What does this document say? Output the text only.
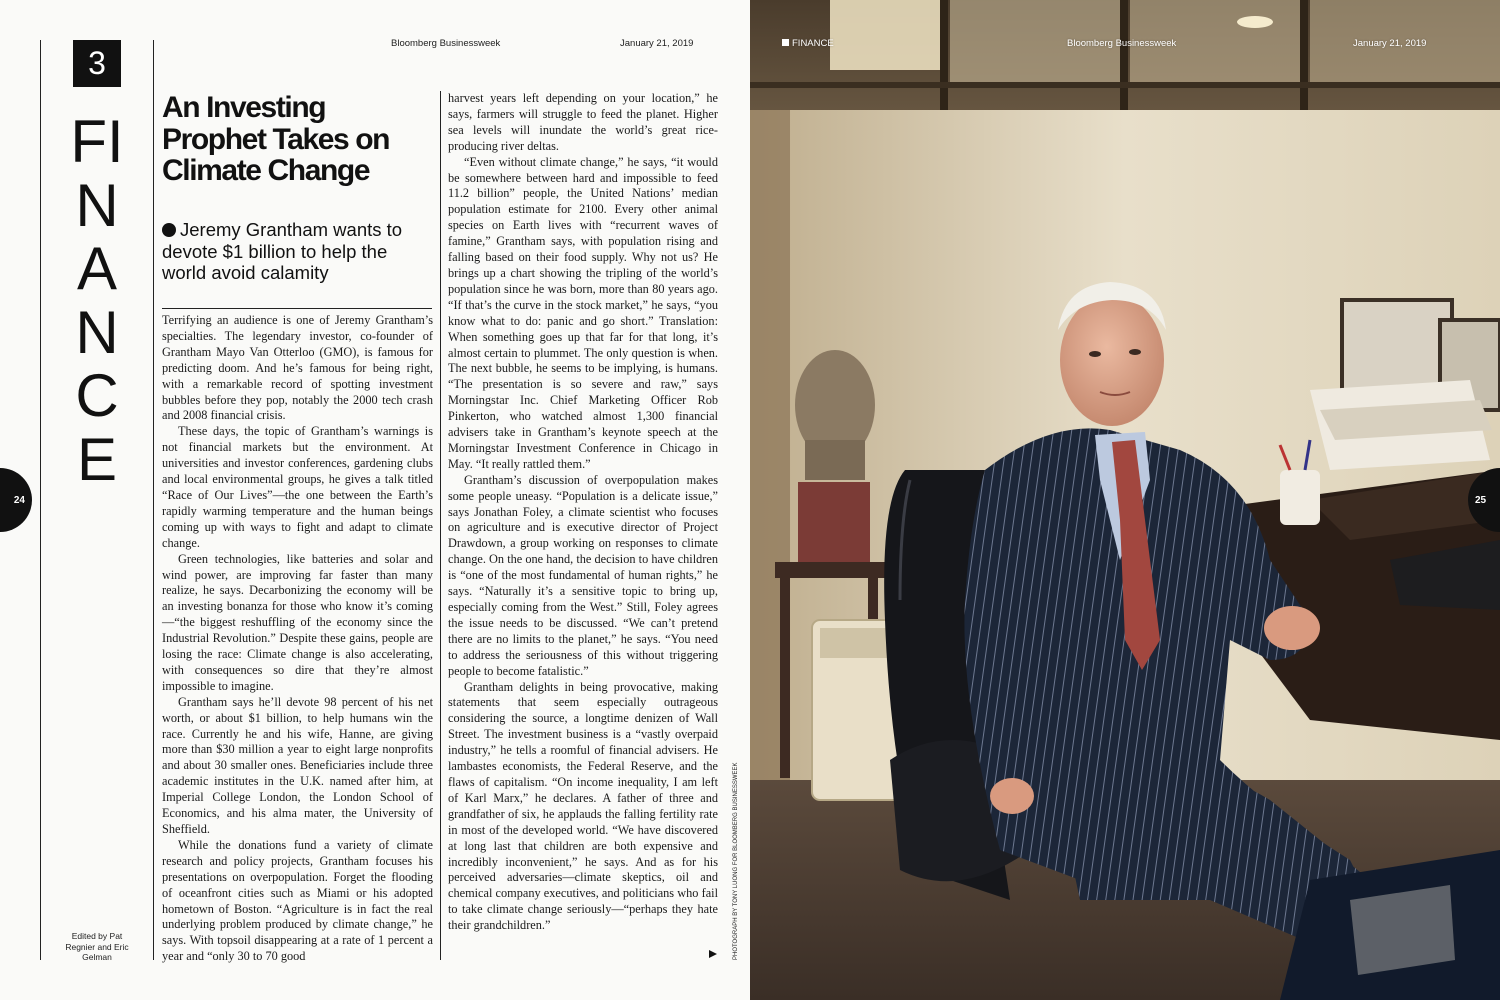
Bloomberg Businessweek	January 21, 2019
3
FINANCE
24
Edited by Pat Regnier and Eric Gelman
An Investing Prophet Takes on Climate Change
Jeremy Grantham wants to devote $1 billion to help the world avoid calamity

Terrifying an audience is one of Jeremy Grantham’s specialties. The legendary investor, co-founder of Grantham Mayo Van Otterloo (GMO), is famous for predicting doom. And he’s famous for being right, with a remarkable record of spotting investment bubbles before they pop, notably the 2000 tech crash and 2008 financial crisis.

These days, the topic of Grantham’s warnings is not financial markets but the environment. At universities and investor conferences, gardening clubs and local environmental groups, he gives a talk titled “Race of Our Lives”—the one between the Earth’s rapidly warming temperature and the human beings coming up with ways to fight and adapt to climate change.

Green technologies, like batteries and solar and wind power, are improving far faster than many realize, he says. Decarbonizing the economy will be an investing bonanza for those who know it’s coming—“the biggest reshuffling of the economy since the Industrial Revolution.” Despite these gains, people are losing the race: Climate change is also accelerating, with consequences so dire that they’re almost impossible to imagine.

Grantham says he’ll devote 98 percent of his net worth, or about $1 billion, to help humans win the race. Currently he and his wife, Hanne, are giving more than $30 million a year to eight large nonprofits and about 30 smaller ones. Beneficiaries include three academic institutes in the U.K. named after him, at Imperial College London, the London School of Economics, and his alma mater, the University of Sheffield.

While the donations fund a variety of climate research and policy projects, Grantham focuses his presentations on overpopulation. Forget the flooding of oceanfront cities such as Miami or his adopted hometown of Boston. “Agriculture is in fact the real underlying problem produced by climate change,” he says. With topsoil disappearing at a rate of 1 percent a year and “only 30 to 70 good

harvest years left depending on your location,” he says, farmers will struggle to feed the planet. Higher sea levels will inundate the world’s great rice-producing river deltas.

“Even without climate change,” he says, “it would be somewhere between hard and impossible to feed 11.2 billion” people, the United Nations’ median population estimate for 2100. Every other animal species on Earth lives with “recurrent waves of famine,” Grantham says, with population rising and falling based on their food supply. Why not us? He brings up a chart showing the tripling of the world’s population since he was born, more than 80 years ago. “If that’s the curve in the stock market,” he says, “you know what to do: panic and go short.” Translation: When something goes up that far for that long, it’s almost certain to plummet. The only question is when. The next bubble, he seems to be implying, is humans. “The presentation is so severe and raw,” says Morningstar Inc. Chief Marketing Officer Rob Pinkerton, who watched almost 1,300 financial advisers take in Grantham’s keynote speech at the Morningstar Investment Conference in Chicago in May. “It really rattled them.”

Grantham’s discussion of overpopulation makes some people uneasy. “Population is a delicate issue,” says Jonathan Foley, a climate scientist who focuses on agriculture and is executive director of Project Drawdown, a group working on responses to climate change. On the one hand, the decision to have children is “one of the most fundamental of human rights,” he says. “Naturally it’s a sensitive topic to bring up, especially coming from the West.” Still, Foley agrees the issue needs to be discussed. “We can’t pretend there are no limits to the planet,” he says. “You need to address the seriousness of this without triggering people to become fatalistic.”

Grantham delights in being provocative, making statements that seem especially outrageous considering the source, a longtime denizen of Wall Street. The investment business is a “vastly overpaid industry,” he tells a roomful of financial advisers. He lambastes economists, the Federal Reserve, and the flaws of capitalism. “On income inequality, I am left of Karl Marx,” he declares. A father of three and grandfather of six, he applauds the falling fertility rate in most of the developed world. “We have discovered at long last that children are both expensive and incredibly inconvenient,” he says. And as for his perceived adversaries—climate skeptics, oil and chemical company executives, and politicians who fail to take climate change seriously—“perhaps they hate their grandchildren.”	PHOTOGRAPH BY TONY LUONG FOR BLOOMBERG BUSINESSWEEK
FINANCE	Bloomberg Businessweek	January 21, 2019
25
